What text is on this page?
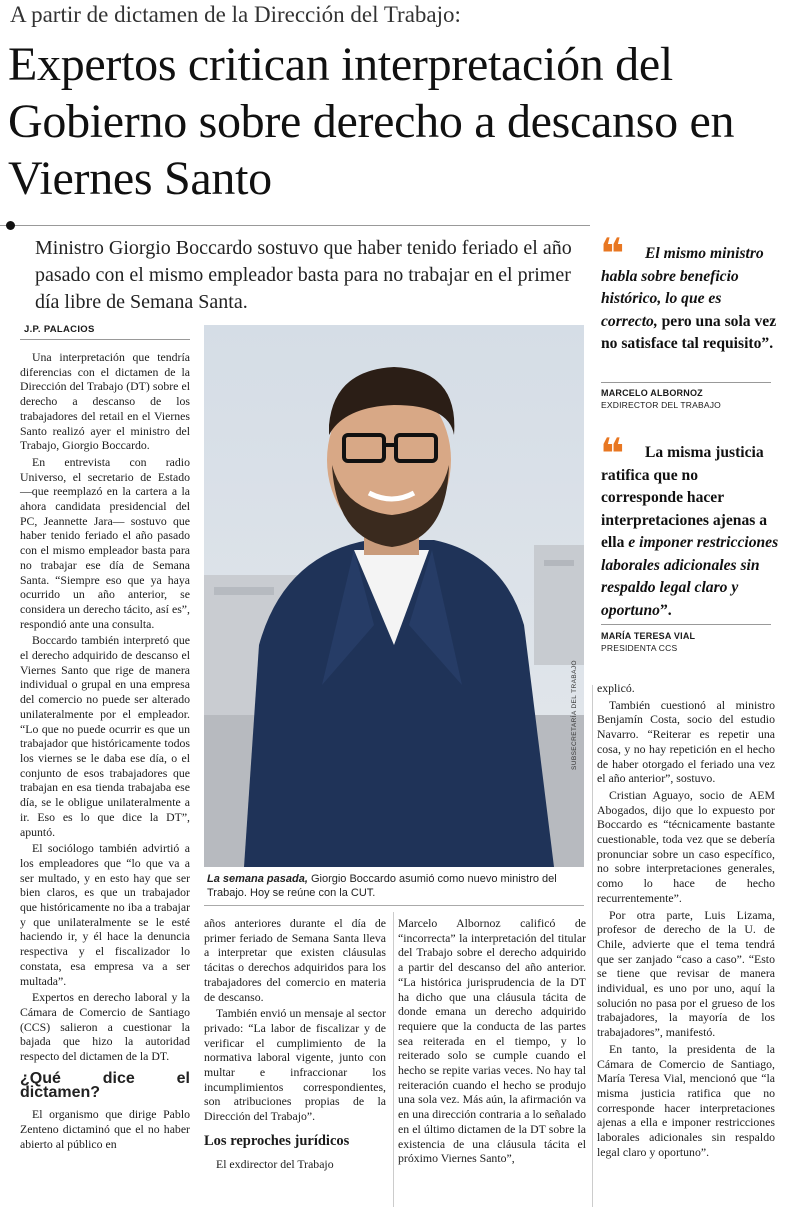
A partir de dictamen de la Dirección del Trabajo:
Expertos critican interpretación del Gobierno sobre derecho a descanso en Viernes Santo
Ministro Giorgio Boccardo sostuvo que haber tenido feriado el año pasado con el mismo empleador basta para no trabajar en el primer día libre de Semana Santa.
J.P. PALACIOS

Una interpretación que tendría diferencias con el dictamen de la Dirección del Trabajo (DT) sobre el derecho a descanso de los trabajadores del retail en el Viernes Santo realizó ayer el ministro del Trabajo, Giorgio Boccardo.

En entrevista con radio Universo, el secretario de Estado —que reemplazó en la cartera a la ahora candidata presidencial del PC, Jeannette Jara— sostuvo que haber tenido feriado el año pasado con el mismo empleador basta para no trabajar ese día de Semana Santa. “Siempre eso que ya haya ocurrido un año anterior, se considera un derecho tácito, así es”, respondió ante una consulta.

Boccardo también interpretó que el derecho adquirido de descanso el Viernes Santo que rige de manera individual o grupal en una empresa del comercio no puede ser alterado unilateralmente por el empleador. “Lo que no puede ocurrir es que un trabajador que históricamente todos los viernes se le daba ese día, o el conjunto de esos trabajadores que trabajan en esa tienda trabajaba ese día, se le obligue unilateralmente a ir. Eso es lo que dice la DT”, apuntó.

El sociólogo también advirtió a los empleadores que “lo que va a ser multado, y en esto hay que ser bien claros, es que un trabajador que históricamente no iba a trabajar y que unilateralmente se le esté haciendo ir, y él hace la denuncia respectiva y el fiscalizador lo constata, esa empresa va a ser multada”.

Expertos en derecho laboral y la Cámara de Comercio de Santiago (CCS) salieron a cuestionar la bajada que hizo la autoridad respecto del dictamen de la DT.

¿Qué dice el dictamen?

El organismo que dirige Pablo Zenteno dictaminó que el no haber abierto al público en

SUBSECRETARÍA DEL TRABAJO
La semana pasada, Giorgio Boccardo asumió como nuevo ministro del Trabajo. Hoy se reúne con la CUT.

años anteriores durante el día de primer feriado de Semana Santa lleva a interpretar que existen cláusulas tácitas o derechos adquiridos para los trabajadores del comercio en materia de descanso.

También envió un mensaje al sector privado: “La labor de fiscalizar y de verificar el cumplimiento de la normativa laboral vigente, junto con multar e infraccionar los incumplimientos correspondientes, son atribuciones propias de la Dirección del Trabajo”.

Los reproches jurídicos

El exdirector del Trabajo

Marcelo Albornoz calificó de “incorrecta” la interpretación del titular del Trabajo sobre el derecho adquirido a partir del descanso del año anterior. “La histórica jurisprudencia de la DT ha dicho que una cláusula tácita de donde emana un derecho adquirido requiere que la conducta de las partes sea reiterada en el tiempo, y lo reiterado solo se cumple cuando el hecho se repite varias veces. No hay tal reiteración cuando el hecho se produjo una sola vez. Más aún, la afirmación va en una dirección contraria a lo señalado en el último dictamen de la DT sobre la existencia de una cláusula tácita el próximo Viernes Santo”,

explicó.

También cuestionó al ministro Benjamín Costa, socio del estudio Navarro. “Reiterar es repetir una cosa, y no hay repetición en el hecho de haber otorgado el feriado una vez el año anterior”, sostuvo.

Cristian Aguayo, socio de AEM Abogados, dijo que lo expuesto por Boccardo es “técnicamente bastante cuestionable, toda vez que se debería pronunciar sobre un caso específico, no sobre interpretaciones generales, como lo hace de hecho recurrentemente”.

Por otra parte, Luis Lizama, profesor de derecho de la U. de Chile, advierte que el tema tendrá que ser zanjado “caso a caso”. “Esto se tiene que revisar de manera individual, es uno por uno, aquí la solución no pasa por el grueso de los trabajadores, la mayoría de los trabajadores”, manifestó.

En tanto, la presidenta de la Cámara de Comercio de Santiago, María Teresa Vial, mencionó que “la misma justicia ratifica que no corresponde hacer interpretaciones ajenas a ella e imponer restricciones laborales adicionales sin respaldo legal claro y oportuno”.

❝	El mismo ministro habla sobre beneficio histórico, lo que es correcto, pero una sola vez no satisface tal requisito”.
MARCELO ALBORNOZ
EXDIRECTOR DEL TRABAJO
❝	La misma justicia ratifica que no corresponde hacer interpretaciones ajenas a ella e imponer restricciones laborales adicionales sin respaldo legal claro y oportuno”.
MARÍA TERESA VIAL
PRESIDENTA CCS
